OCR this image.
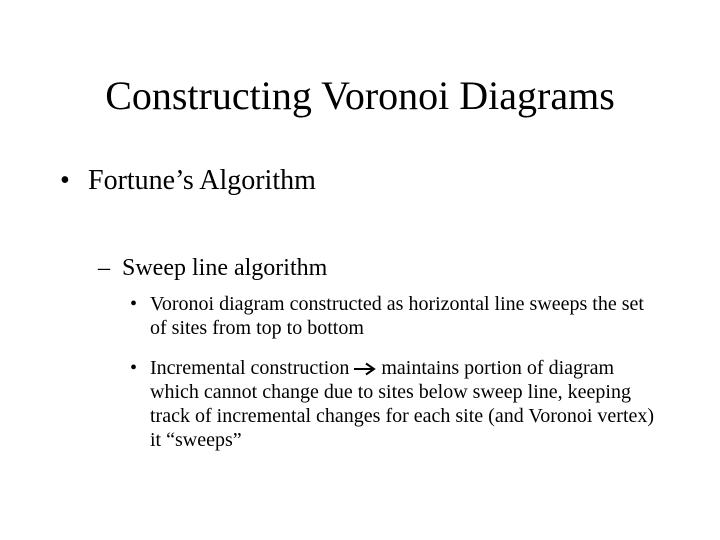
Constructing Voronoi Diagrams
• Fortune’s Algorithm
– Sweep line algorithm
• Voronoi diagram constructed as horizontal line sweeps the set of sites from top to bottom
• Incremental construction maintains portion of diagram which cannot change due to sites below sweep line, keeping track of incremental changes for each site (and Voronoi vertex) it “sweeps”
